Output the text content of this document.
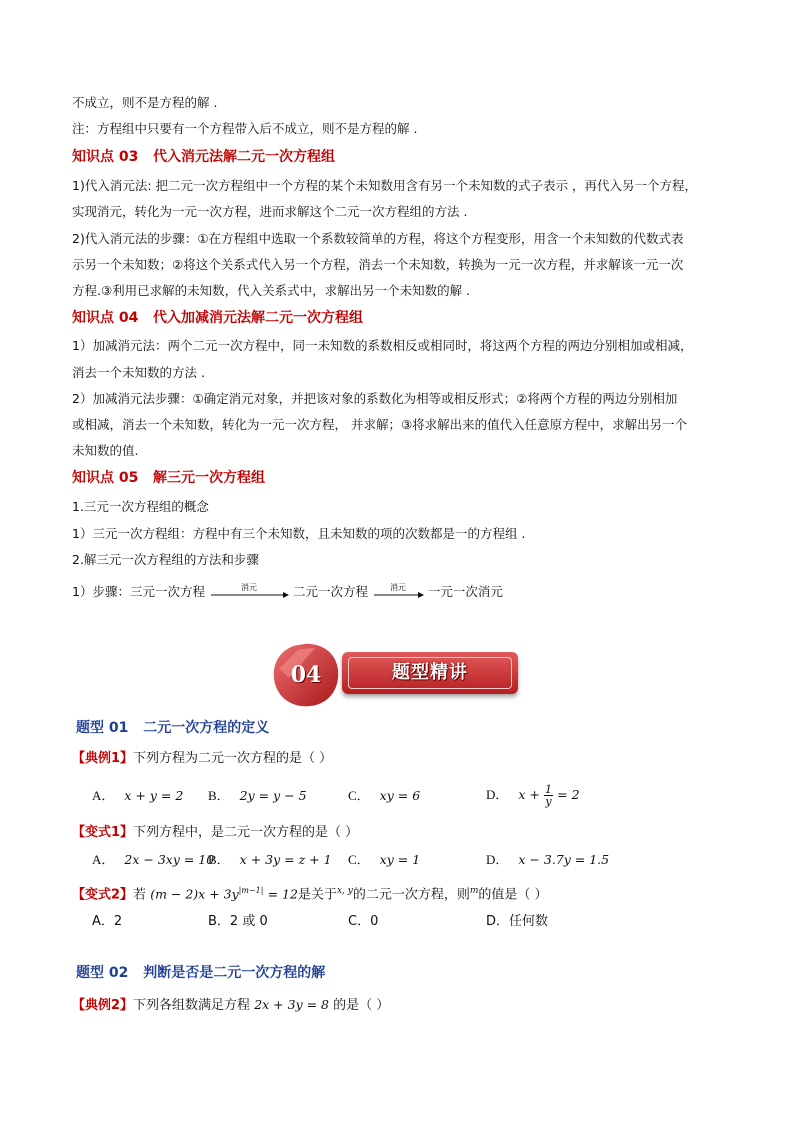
不成立，则不是方程的解 .
注：方程组中只要有一个方程带入后不成立，则不是方程的解 .
知识点 03 代入消元法解二元一次方程组
1)代入消元法: 把二元一次方程组中一个方程的某个未知数用含有另一个未知数的式子表示 ，再代入另一个方程，
实现消元，转化为一元一次方程，进而求解这个二元一次方程组的方法 .
2)代入消元法的步骤：①在方程组中选取一个系数较简单的方程，将这个方程变形，用含一个未知数的代数式表
示另一个未知数；②将这个关系式代入另一个方程，消去一个未知数，转换为一元一次方程，并求解该一元一次
方程.③利用已求解的未知数，代入关系式中，求解出另一个未知数的解 .
知识点 04 代入加减消元法解二元一次方程组
1）加减消元法：两个二元一次方程中，同一未知数的系数相反或相同时，将这两个方程的两边分别相加或相减，
消去一个未知数的方法 .
2）加减消元法步骤：①确定消元对象，并把该对象的系数化为相等或相反形式；②将两个方程的两边分别相加
或相减，消去一个未知数，转化为一元一次方程， 并求解；③将求解出来的值代入任意原方程中，求解出另一个
未知数的值.
知识点 05 解三元一次方程组
1.三元一次方程组的概念
1）三元一次方程组：方程中有三个未知数，且未知数的项的次数都是一的方程组 .
2.解三元一次方程组的方法和步骤
1）步骤：三元一次方程	消元	二元一次方程	消元	一元一次消元
04	题型精讲
题型 01 二元一次方程的定义
【典例1】下列方程为二元一次方程的是（ ）
A． x + y = 2 B． 2y = y − 5	C． xy = 6	D． $x + \frac{1}{y} = 2$
【变式1】下列方程中，是二元一次方程的是（ ）
A． 2x − 3xy = 10
B． x + 3y = z + 1 C． xy = 1	D． x − 3.7y = 1.5
【变式2】若 $(m - 2)x + 3y^{|m-1|} = 12$是关于$^{x, y}$的二元一次方程，则$^m$的值是（ ）
A．2	B．2 或 0	C．0	D．任何数
题型 02 判断是否是二元一次方程的解
【典例2】下列各组数满足方程 2x + 3y = 8 的是（ ）
